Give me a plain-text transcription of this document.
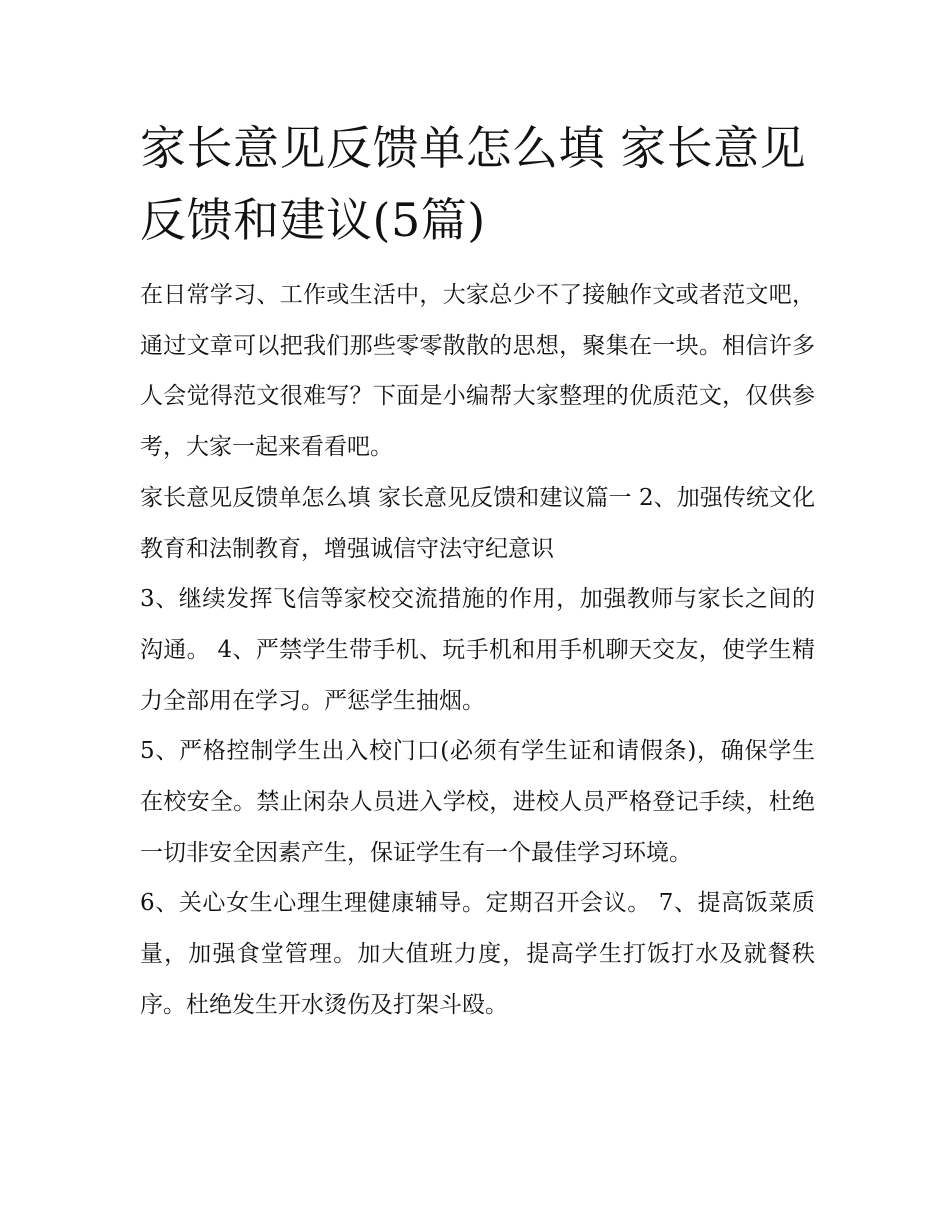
家长意见反馈单怎么填 家长意见反馈和建议(5篇)

在日常学习、工作或生活中，大家总少不了接触作文或者范文吧，通过文章可以把我们那些零零散散的思想，聚集在一块。相信许多人会觉得范文很难写？下面是小编帮大家整理的优质范文，仅供参考，大家一起来看看吧。

家长意见反馈单怎么填 家长意见反馈和建议篇一 2、加强传统文化教育和法制教育，增强诚信守法守纪意识

3、继续发挥飞信等家校交流措施的作用，加强教师与家长之间的沟通。 4、严禁学生带手机、玩手机和用手机聊天交友，使学生精力全部用在学习。严惩学生抽烟。

5、严格控制学生出入校门口(必须有学生证和请假条)，确保学生在校安全。禁止闲杂人员进入学校，进校人员严格登记手续，杜绝一切非安全因素产生，保证学生有一个最佳学习环境。

6、关心女生心理生理健康辅导。定期召开会议。 7、提高饭菜质量，加强食堂管理。加大值班力度，提高学生打饭打水及就餐秩序。杜绝发生开水烫伤及打架斗殴。
